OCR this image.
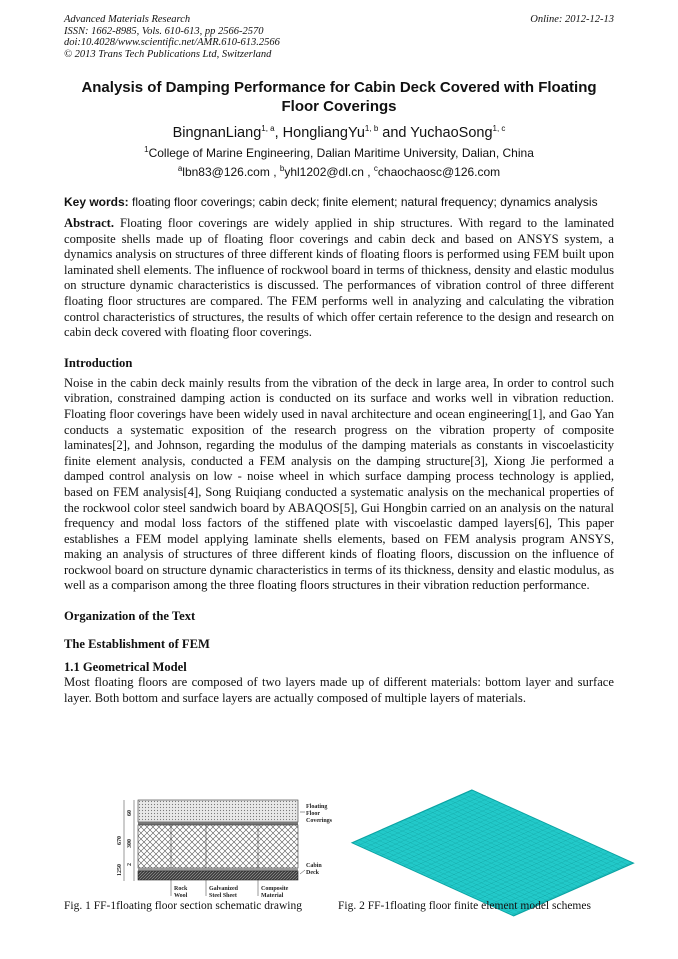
Advanced Materials Research
ISSN: 1662-8985, Vols. 610-613, pp 2566-2570
doi:10.4028/www.scientific.net/AMR.610-613.2566
© 2013 Trans Tech Publications Ltd, Switzerland
Online: 2012-12-13
Analysis of Damping Performance for Cabin Deck Covered with Floating Floor Coverings
BingnanLiang$^{1, a}$, HongliangYu$^{1, b}$ and YuchaoSong$^{1, c}$
$^1$College of Marine Engineering, Dalian Maritime University, Dalian, China
$^a$lbn83@126.com , $^b$yhl1202@dl.cn , $^c$chaochaosc@126.com
Key words: floating floor coverings; cabin deck; finite element; natural frequency; dynamics analysis
Abstract. Floating floor coverings are widely applied in ship structures. With regard to the laminated composite shells made up of floating floor coverings and cabin deck and based on ANSYS system, a dynamics analysis on structures of three different kinds of floating floors is performed using FEM built upon laminated shell elements. The influence of rockwool board in terms of thickness, density and elastic modulus on structure dynamic characteristics is discussed. The performances of vibration control of three different floating floor structures are compared. The FEM performs well in analyzing and calculating the vibration control characteristics of structures, the results of which offer certain reference to the design and research on cabin deck covered with floating floor coverings.
Introduction
Noise in the cabin deck mainly results from the vibration of the deck in large area, In order to control such vibration, constrained damping action is conducted on its surface and works well in vibration reduction. Floating floor coverings have been widely used in naval architecture and ocean engineering[1], and Gao Yan conducts a systematic exposition of the research progress on the vibration property of composite laminates[2], and Johnson, regarding the modulus of the damping materials as constants in viscoelasticity finite element analysis, conducted a FEM analysis on the damping structure[3], Xiong Jie performed a damped control analysis on low - noise wheel in which surface damping process technology is applied, based on FEM analysis[4], Song Ruiqiang conducted a systematic analysis on the mechanical properties of the rockwool color steel sandwich board by ABAQOS[5], Gui Hongbin carried on an analysis on the natural frequency and modal loss factors of the stiffened plate with viscoelastic damped layers[6], This paper establishes a FEM model applying laminate shells elements, based on FEM analysis program ANSYS, making an analysis of structures of three different kinds of floating floors, discussion on the influence of rockwool board on structure dynamic characteristics in terms of its thickness, density and elastic modulus, as well as a comparison among the three floating floors structures in their vibration reduction performance.
Organization of the Text
The Establishment of FEM
1.1 Geometrical Model
Most floating floors are composed of two layers made up of different materials: bottom layer and surface layer. Both bottom and surface layers are actually composed of multiple layers of materials.
670
60
300
2
1250
Floating
Floor
Coverings
Cabin
Deck
Rock
Wool
Galvanized
Steel Sheet
Composite
Material
Fig. 1 FF-1floating floor section schematic drawing	Fig. 2 FF-1floating floor finite element model schemes
